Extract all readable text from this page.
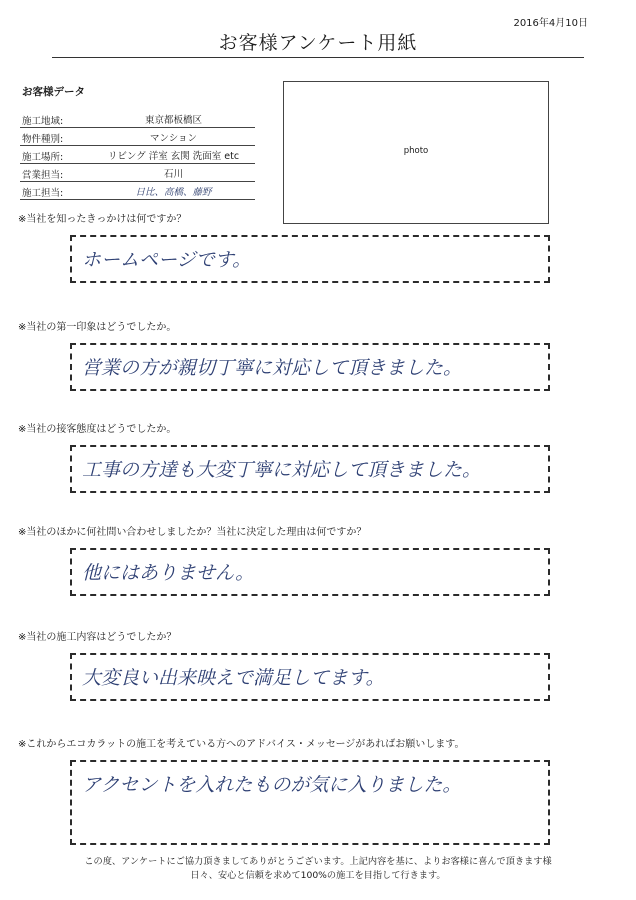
2016年4月10日
お客様アンケート用紙
お客様データ
施工地域:	東京都板橋区
物件種別:	マンション
施工場所:	リビング 洋室 玄関 洗面室 etc
営業担当:	石川
施工担当:	日比、高橋、藤野
photo
※当社を知ったきっかけは何ですか？
ホームページです。
※当社の第一印象はどうでしたか。
営業の方が親切丁寧に対応して頂きました。
※当社の接客態度はどうでしたか。
工事の方達も大変丁寧に対応して頂きました。
※当社のほかに何社問い合わせしましたか？当社に決定した理由は何ですか？
他にはありません。
※当社の施工内容はどうでしたか？
大変良い出来映えで満足してます。
※これからエコカラットの施工を考えている方へのアドバイス・メッセージがあればお願いします。
アクセントを入れたものが気に入りました。
この度、アンケートにご協力頂きましてありがとうございます。上記内容を基に、よりお客様に喜んで頂きます様
日々、安心と信頼を求めて100%の施工を目指して行きます。
